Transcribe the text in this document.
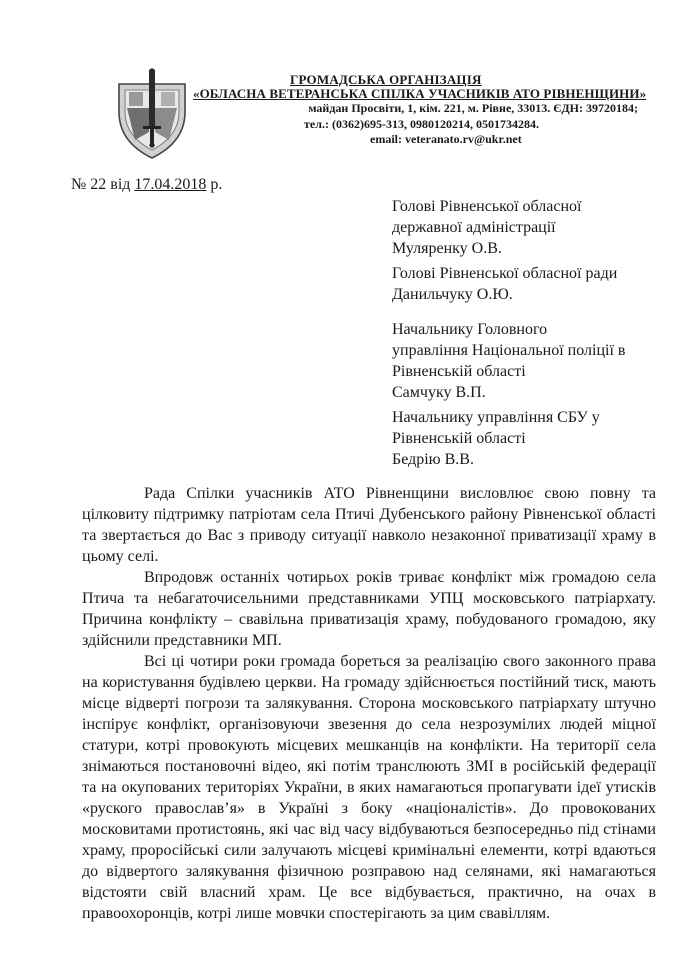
ГРОМАДСЬКА ОРГАНІЗАЦІЯ
«ОБЛАСНА ВЕТЕРАНСЬКА СПІЛКА УЧАСНИКІВ АТО РІВНЕНЩИНИ»
майдан Просвіти, 1, кім. 221, м. Рівне, 33013. ЄДН: 39720184;
тел.: (0362)695-313, 0980120214, 0501734284.
email: veteranato.rv@ukr.net
№ 22 від 17.04.2018 р.
Голові Рівненської обласної
державної адміністрації
Муляренку О.В.
Голові Рівненської обласної ради
Данильчуку О.Ю.
Начальнику Головного
управління Національної поліції в
Рівненській області
Самчуку В.П.
Начальнику управління СБУ у
Рівненській області
Бедрію В.В.

Рада Спілки учасників АТО Рівненщини висловлює свою повну та цілковиту підтримку патріотам села Птичі Дубенського району Рівненської області та звертається до Вас з приводу ситуації навколо незаконної приватизації храму в цьому селі.

Впродовж останніх чотирьох років триває конфлікт між громадою села Птича та небагаточисельними представниками УПЦ московського патріархату. Причина конфлікту – свавільна приватизація храму, побудованого громадою, яку здійснили представники МП.

Всі ці чотири роки громада бореться за реалізацію свого законного права на користування будівлею церкви. На громаду здійснюється постійний тиск, мають місце відверті погрози та залякування. Сторона московського патріархату штучно інспірує конфлікт, організовуючи звезення до села незрозумілих людей міцної статури, котрі провокують місцевих мешканців на конфлікти. На території села знімаються постановочні відео, які потім транслюють ЗМІ в російській федерації та на окупованих територіях України, в яких намагаються пропагувати ідеї утисків «руского православ’я» в Україні з боку «націоналістів». До провокованих московитами протистоянь, які час від часу відбуваються безпосередньо під стінами храму, проросійські сили залучають місцеві кримінальні елементи, котрі вдаються до відвертого залякування фізичною розправою над селянами, які намагаються відстояти свій власний храм. Це все відбувається, практично, на очах в правоохоронців, котрі лише мовчки спостерігають за цим свавіллям.
